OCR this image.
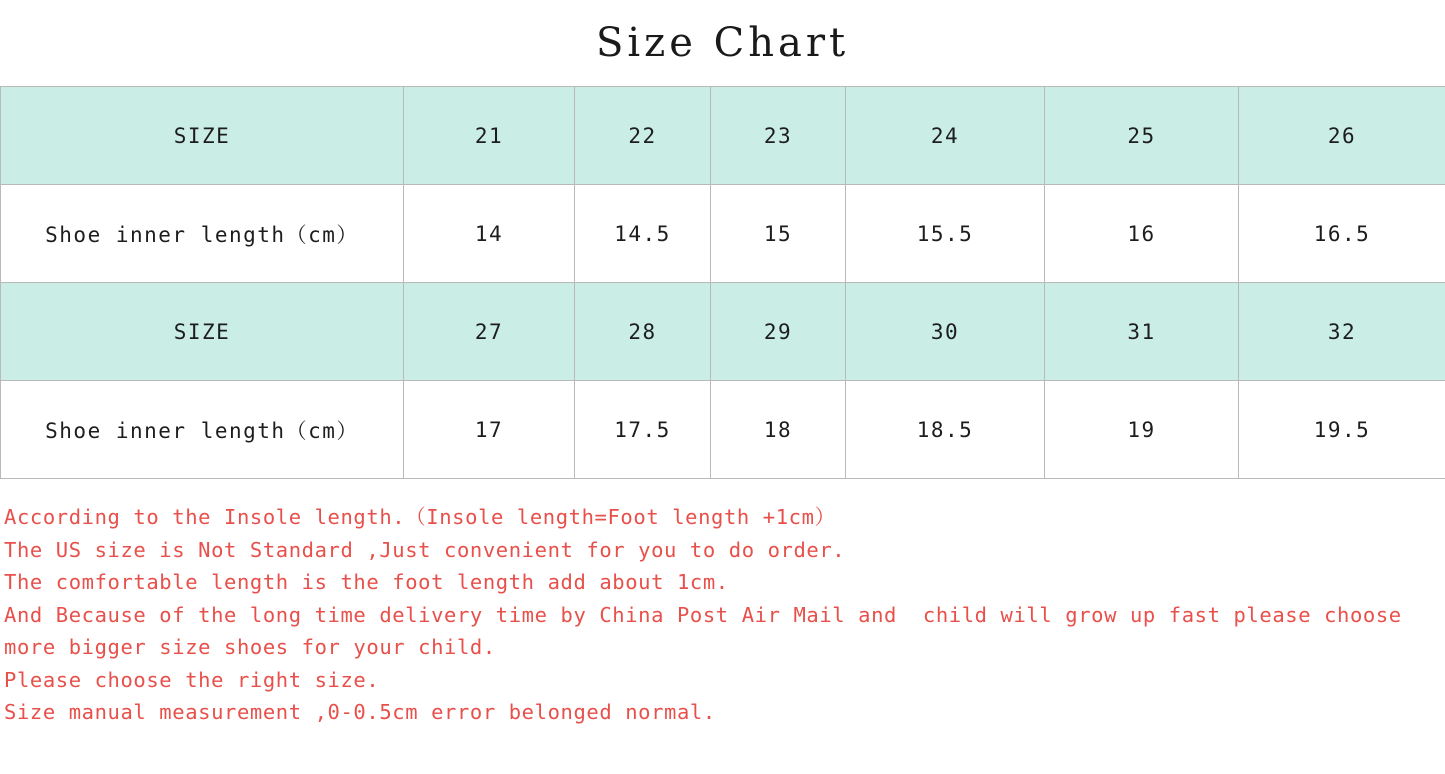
Size Chart
SIZE	21	22	23	24	25	26
Shoe inner length（cm）	14	14.5	15	15.5	16	16.5
SIZE	27	28	29	30	31	32
Shoe inner length（cm）	17	17.5	18	18.5	19	19.5
According to the Insole length.（Insole length=Foot length +1cm）
The US size is Not Standard ,Just convenient for you to do order.
The comfortable length is the foot length add about 1cm.
And Because of the long time delivery time by China Post Air Mail and  child will grow up fast please choose more bigger size shoes for your child.
Please choose the right size.
Size manual measurement ,0-0.5cm error belonged normal.
